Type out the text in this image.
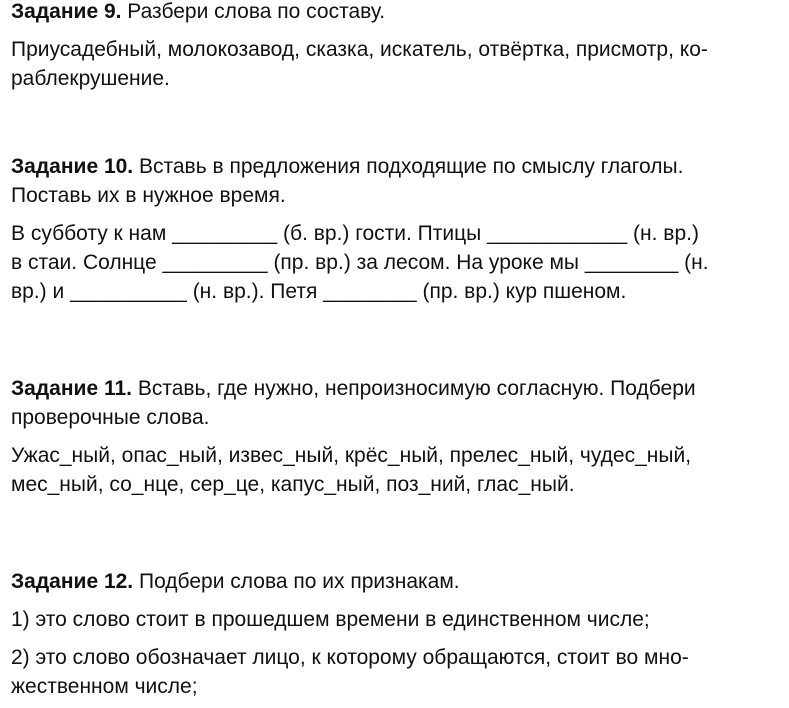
Задание 9. Разбери слова по составу.

Приусадебный, молокозавод, сказка, искатель, отвёртка, присмотр, ко-

раблекрушение.

Задание 10. Вставь в предложения подходящие по смыслу глаголы.

Поставь их в нужное время.

В субботу к нам _________ (б. вр.) гости. Птицы ____________ (н. вр.)

в стаи. Солнце _________ (пр. вр.) за лесом. На уроке мы ________ (н.

вр.) и __________ (н. вр.). Петя ________ (пр. вр.) кур пшеном.

Задание 11. Вставь, где нужно, непроизносимую согласную. Подбери

проверочные слова.

Ужас_ный, опас_ный, извес_ный, крёс_ный, прелес_ный, чудес_ный,

мес_ный, со_нце, сер_це, капус_ный, поз_ний, глас_ный.

Задание 12. Подбери слова по их признакам.

1) это слово стоит в прошедшем времени в единственном числе;

2) это слово обозначает лицо, к которому обращаются, стоит во мно-

жественном числе;
